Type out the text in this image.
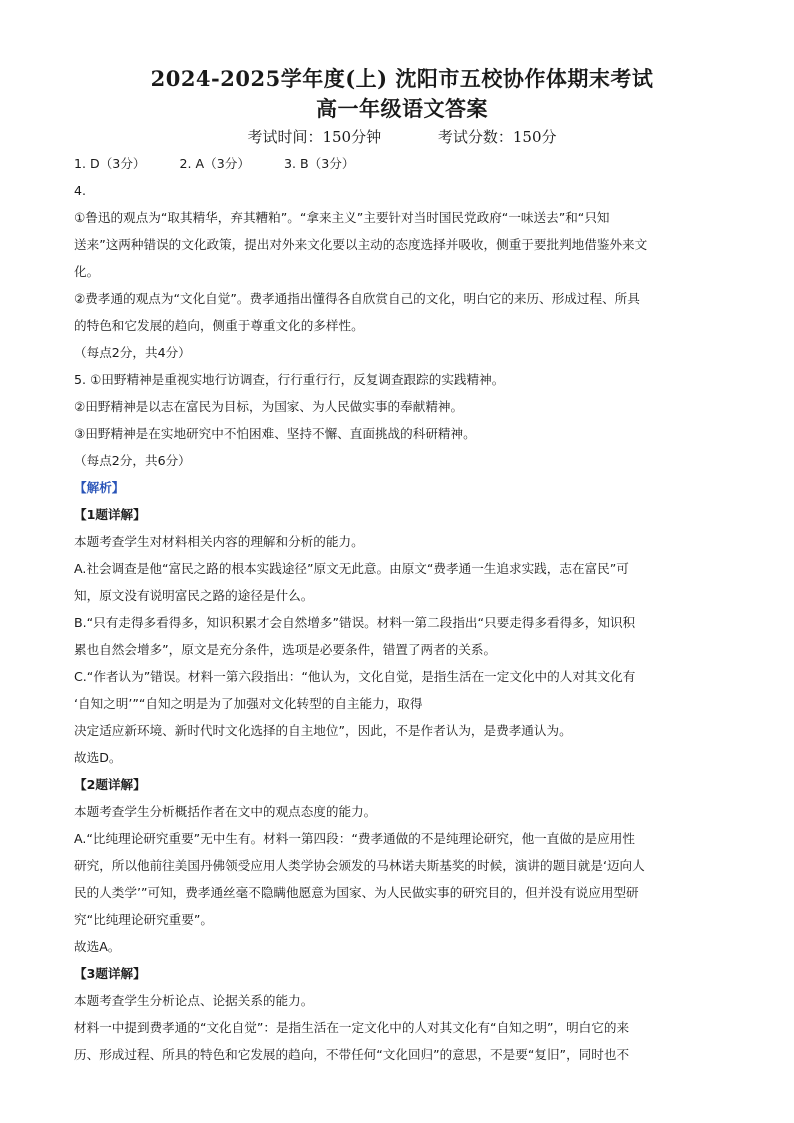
2024-2025学年度(上) 沈阳市五校协作体期末考试
高一年级语文答案
考试时间：150分钟	考试分数：150分

1. D（3分）	2. A（3分）	3. B（3分）

4.

①鲁迅的观点为“取其精华，弃其糟粕”。“拿来主义”主要针对当时国民党政府“一味送去”和“只知

送来”这两种错误的文化政策，提出对外来文化要以主动的态度选择并吸收，侧重于要批判地借鉴外来文

化。

②费孝通的观点为“文化自觉”。费孝通指出懂得各自欣赏自己的文化，明白它的来历、形成过程、所具

的特色和它发展的趋向，侧重于尊重文化的多样性。

（每点2分，共4分）

5. ①田野精神是重视实地行访调查，行行重行行，反复调查跟踪的实践精神。

②田野精神是以志在富民为目标，为国家、为人民做实事的奉献精神。

③田野精神是在实地研究中不怕困难、坚持不懈、直面挑战的科研精神。

（每点2分，共6分）

【解析】

【1题详解】

本题考查学生对材料相关内容的理解和分析的能力。

A.社会调查是他“富民之路的根本实践途径”原文无此意。由原文“费孝通一生追求实践，志在富民”可

知，原文没有说明富民之路的途径是什么。

B.“只有走得多看得多，知识积累才会自然增多”错误。材料一第二段指出“只要走得多看得多，知识积

累也自然会增多”，原文是充分条件，选项是必要条件，错置了两者的关系。

C.“作者认为”错误。材料一第六段指出：“他认为，文化自觉，是指生活在一定文化中的人对其文化有

‘自知之明’”“自知之明是为了加强对文化转型的自主能力，取得

决定适应新环境、新时代时文化选择的自主地位”，因此，不是作者认为，是费孝通认为。

故选D。

【2题详解】

本题考查学生分析概括作者在文中的观点态度的能力。

A.“比纯理论研究重要”无中生有。材料一第四段：“费孝通做的不是纯理论研究，他一直做的是应用性

研究，所以他前往美国丹佛领受应用人类学协会颁发的马林诺夫斯基奖的时候，演讲的题目就是‘迈向人

民的人类学’”可知，费孝通丝毫不隐瞒他愿意为国家、为人民做实事的研究目的，但并没有说应用型研

究“比纯理论研究重要”。

故选A。

【3题详解】

本题考查学生分析论点、论据关系的能力。

材料一中提到费孝通的“文化自觉”：是指生活在一定文化中的人对其文化有“自知之明”，明白它的来

历、形成过程、所具的特色和它发展的趋向，不带任何“文化回归”的意思，不是要“复旧”，同时也不
